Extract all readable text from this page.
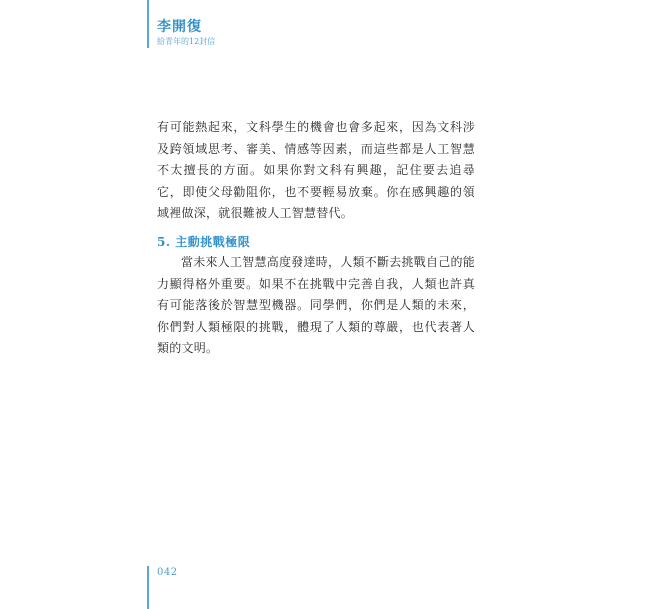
李開復
給青年的12封信

有可能熱起來，文科學生的機會也會多起來，因為文科涉及跨領域思考、審美、情感等因素，而這些都是人工智慧不太擅長的方面。如果你對文科有興趣，記住要去追尋它，即使父母勸阻你，也不要輕易放棄。你在感興趣的領域裡做深，就很難被人工智慧替代。

5. 主動挑戰極限

當未來人工智慧高度發達時，人類不斷去挑戰自己的能力顯得格外重要。如果不在挑戰中完善自我，人類也許真有可能落後於智慧型機器。同學們，你們是人類的未來，你們對人類極限的挑戰，體現了人類的尊嚴，也代表著人類的文明。

042
